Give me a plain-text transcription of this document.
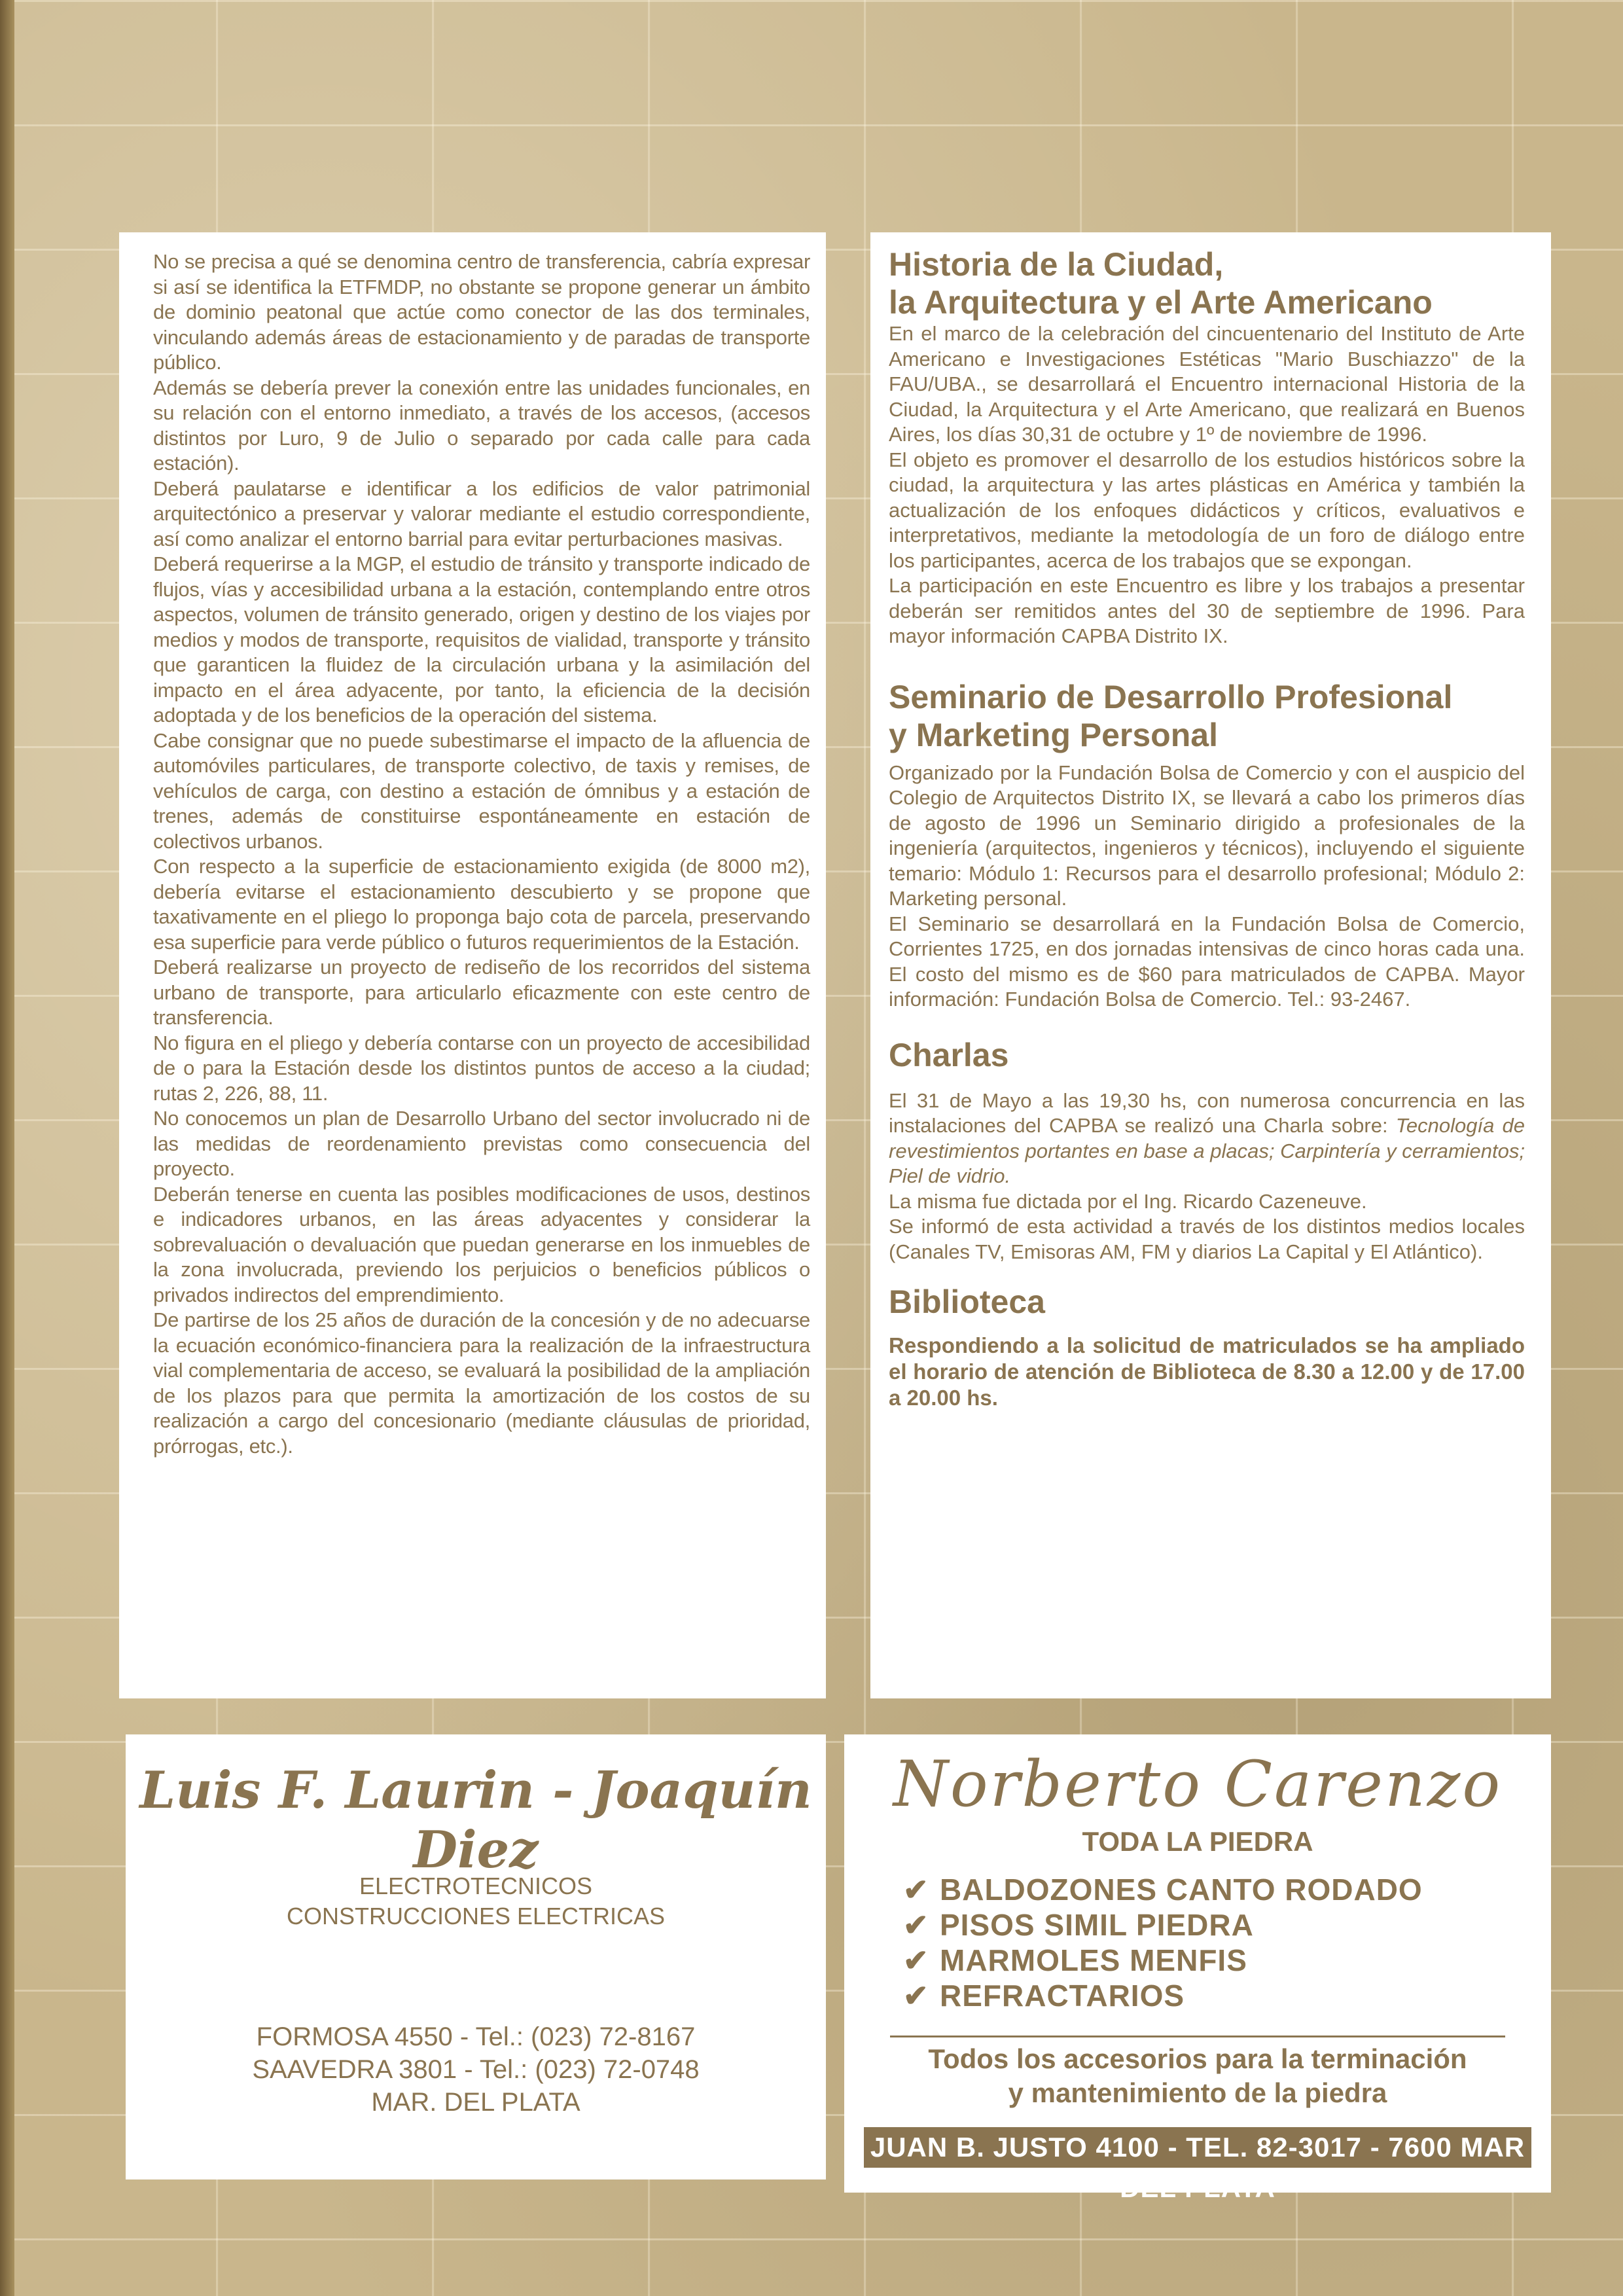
No se precisa a qué se denomina centro de transferencia, cabría expresar si así se identifica la ETFMDP, no obstante se propone generar un ámbito de dominio peatonal que actúe como conector de las dos terminales, vinculando además áreas de estacionamiento y de paradas de transporte público.

Además se debería prever la conexión entre las unidades funcionales, en su relación con el entorno inmediato, a través de los accesos, (accesos distintos por Luro, 9 de Julio o separado por cada calle para cada estación).

Deberá paulatarse e identificar a los edificios de valor patrimonial arquitectónico a preservar y valorar mediante el estudio correspondiente, así como analizar el entorno barrial para evitar perturbaciones masivas.

Deberá requerirse a la MGP, el estudio de tránsito y transporte indicado de flujos, vías y accesibilidad urbana a la estación, contemplando entre otros aspectos, volumen de tránsito generado, origen y destino de los viajes por medios y modos de transporte, requisitos de vialidad, transporte y tránsito que garanticen la fluidez de la circulación urbana y la asimilación del impacto en el área adyacente, por tanto, la eficiencia de la decisión adoptada y de los beneficios de la operación del sistema.

Cabe consignar que no puede subestimarse el impacto de la afluencia de automóviles particulares, de transporte colectivo, de taxis y remises, de vehículos de carga, con destino a estación de ómnibus y a estación de trenes, además de constituirse espontáneamente en estación de colectivos urbanos.

Con respecto a la superficie de estacionamiento exigida (de 8000 m2), debería evitarse el estacionamiento descubierto y se propone que taxativamente en el pliego lo proponga bajo cota de parcela, preservando esa superficie para verde público o futuros requerimientos de la Estación.

Deberá realizarse un proyecto de rediseño de los recorridos del sistema urbano de transporte, para articularlo eficazmente con este centro de transferencia.

No figura en el pliego y debería contarse con un proyecto de accesibilidad de o para la Estación desde los distintos puntos de acceso a la ciudad; rutas 2, 226, 88, 11.

No conocemos un plan de Desarrollo Urbano del sector involucrado ni de las medidas de reordenamiento previstas como consecuencia del proyecto.

Deberán tenerse en cuenta las posibles modificaciones de usos, destinos e indicadores urbanos, en las áreas adyacentes y considerar la sobrevaluación o devaluación que puedan generarse en los inmuebles de la zona involucrada, previendo los perjuicios o beneficios públicos o privados indirectos del emprendimiento.

De partirse de los 25 años de duración de la concesión y de no adecuarse la ecuación económico-financiera para la realización de la infraestructura vial complementaria de acceso, se evaluará la posibilidad de la ampliación de los plazos para que permita la amortización de los costos de su realización a cargo del concesionario (mediante cláusulas de prioridad, prórrogas, etc.).

Historia de la Ciudad,
la Arquitectura y el Arte Americano

En el marco de la celebración del cincuentenario del Instituto de Arte Americano e Investigaciones Estéticas "Mario Buschiazzo" de la FAU/UBA., se desarrollará el Encuentro internacional Historia de la Ciudad, la Arquitectura y el Arte Americano, que realizará en Buenos Aires, los días 30,31 de octubre y 1º de noviembre de 1996.

El objeto es promover el desarrollo de los estudios históricos sobre la ciudad, la arquitectura y las artes plásticas en América y también la actualización de los enfoques didácticos y críticos, evaluativos e interpretativos, mediante la metodología de un foro de diálogo entre los participantes, acerca de los trabajos que se expongan.

La participación en este Encuentro es libre y los trabajos a presentar deberán ser remitidos antes del 30 de septiembre de 1996. Para mayor información CAPBA Distrito IX.

Seminario de Desarrollo Profesional
y Marketing Personal

Organizado por la Fundación Bolsa de Comercio y con el auspicio del Colegio de Arquitectos Distrito IX, se llevará a cabo los primeros días de agosto de 1996 un Seminario dirigido a profesionales de la ingeniería (arquitectos, ingenieros y técnicos), incluyendo el siguiente temario: Módulo 1: Recursos para el desarrollo profesional; Módulo 2: Marketing personal.

El Seminario se desarrollará en la Fundación Bolsa de Comercio, Corrientes 1725, en dos jornadas intensivas de cinco horas cada una. El costo del mismo es de $60 para matriculados de CAPBA. Mayor información: Fundación Bolsa de Comercio. Tel.: 93-2467.

Charlas

El 31 de Mayo a las 19,30 hs, con numerosa concurrencia en las instalaciones del CAPBA se realizó una Charla sobre: Tecnología de revestimientos portantes en base a placas; Carpintería y cerramientos; Piel de vidrio.

La misma fue dictada por el Ing. Ricardo Cazeneuve.

Se informó de esta actividad a través de los distintos medios locales (Canales TV, Emisoras AM, FM y diarios La Capital y El Atlántico).

Biblioteca

Respondiendo a la solicitud de matriculados se ha ampliado el horario de atención de Biblioteca de 8.30 a 12.00 y de 17.00 a 20.00 hs.

Luis F. Laurin - Joaquín Diez
ELECTROTECNICOS
CONSTRUCCIONES ELECTRICAS
FORMOSA 4550 - Tel.: (023) 72-8167
SAAVEDRA 3801 - Tel.: (023) 72-0748
MAR. DEL PLATA
Norberto Carenzo
TODA LA PIEDRA
✔ BALDOZONES CANTO RODADO
✔ PISOS SIMIL PIEDRA
✔ MARMOLES MENFIS
✔ REFRACTARIOS
Todos los accesorios para la terminación
y mantenimiento de la piedra
JUAN B. JUSTO 4100 - TEL. 82-3017 - 7600 MAR DEL PLATA
